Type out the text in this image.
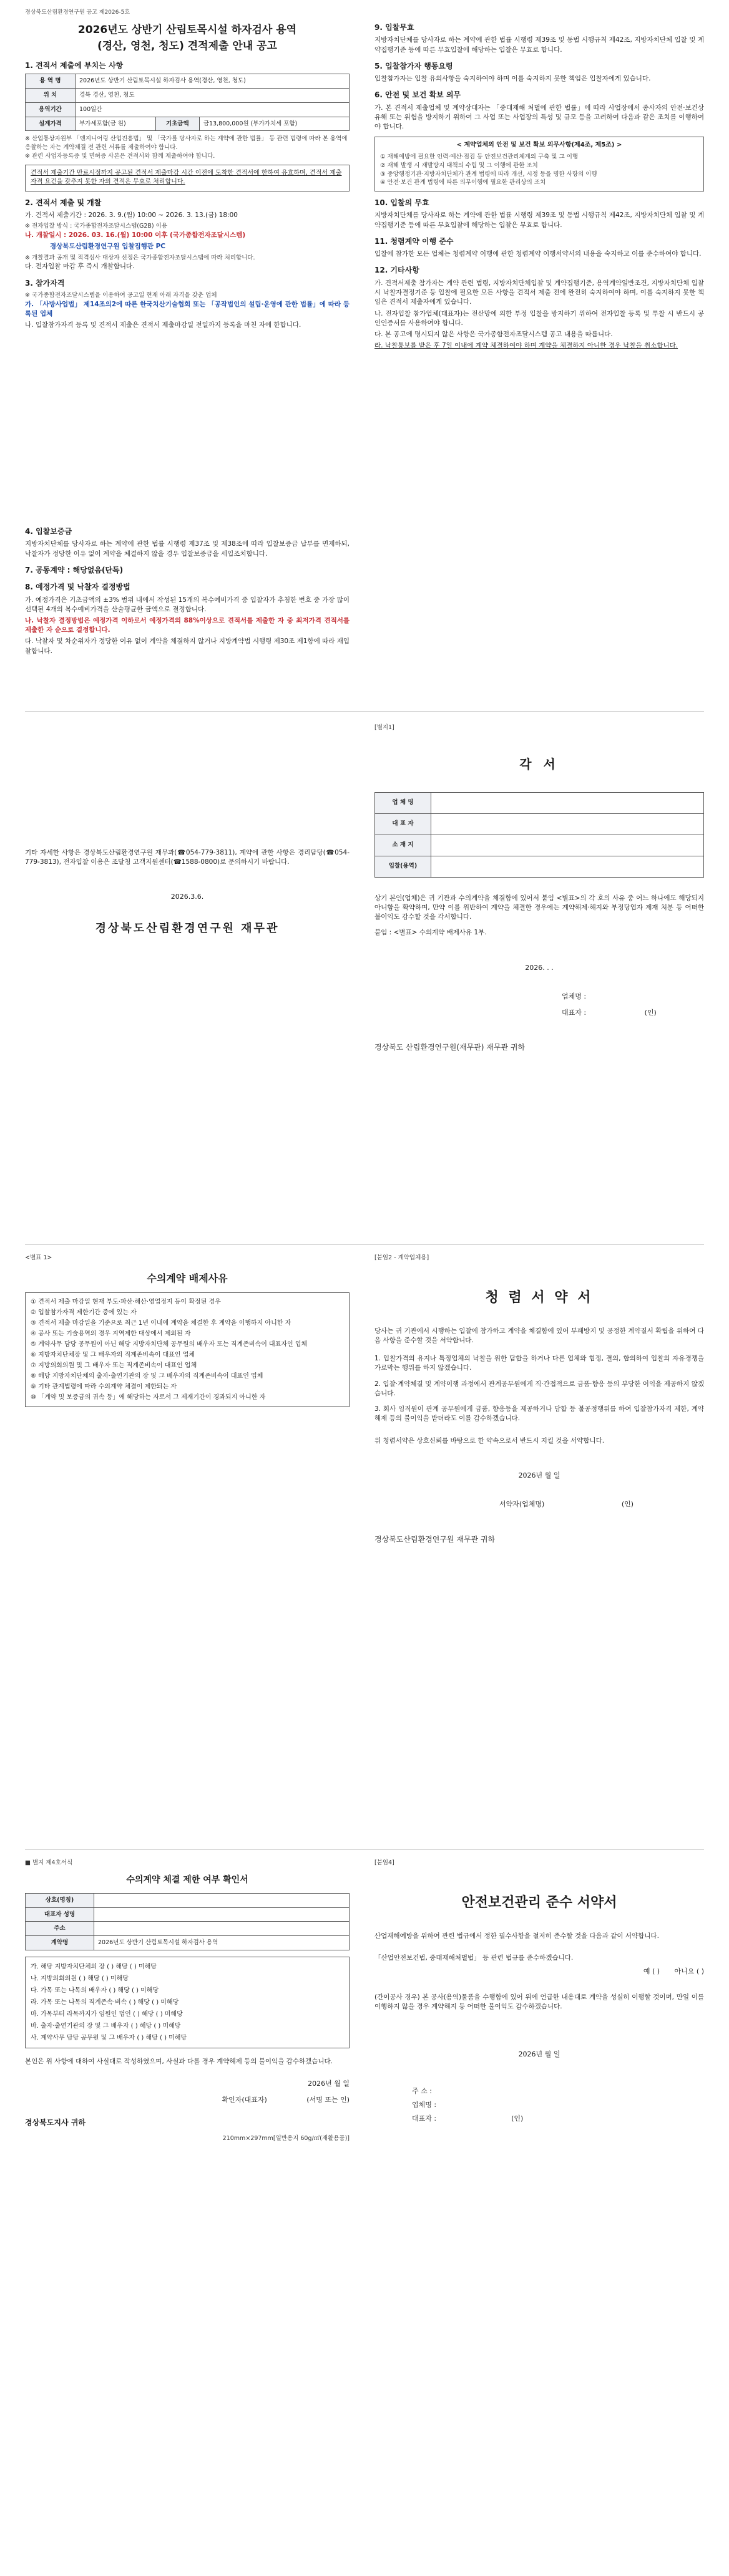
경상북도산림환경연구원 공고 제2026-5호
2026년도 상반기 산림토목시설 하자검사 용역
(경산, 영천, 청도) 견적제출 안내 공고
1. 견적서 제출에 부치는 사항
용 역 명	2026년도 상반기 산림토목시설 하자검사 용역(경산, 영천, 청도)		
위 치	경북 경산, 영천, 청도		
용역기간	100일간		
설계가격	부가세포함(금 원)	기초금액	금13,800,000원 (부가가치세 포함)
※ 산업통상자원부 「엔지니어링 산업진흥법」 및 「국가를 당사자로 하는 계약에 관한 법률」 등 관련 법령에 따라 본 용역에 응찰하는 자는 계약체결 전 관련 서류를 제출하여야 합니다.
※ 관련 사업자등록증 및 면허증 사본은 견적서와 함께 제출하여야 합니다.
견적서 제출기간 만료시점까지 공고된 견적서 제출마감 시간 이전에 도착한 견적서에 한하여 유효하며, 견적서 제출자격 요건을 갖추지 못한 자의 견적은 무효로 처리합니다.
2. 견적서 제출 및 개찰
가. 견적서 제출기간 : 2026. 3. 9.(월) 10:00 ~ 2026. 3. 13.(금) 18:00
※ 전자입찰 방식 : 국가종합전자조달시스템(G2B) 이용
나. 개찰일시 : 2026. 03. 16.(월) 10:00 이후 (국가종합전자조달시스템)
경상북도산림환경연구원 입찰집행관 PC
※ 개찰결과 공개 및 적격심사 대상자 선정은 국가종합전자조달시스템에 따라 처리합니다.
다. 전자입찰 마감 후 즉시 개찰합니다.
3. 참가자격
※ 국가종합전자조달시스템을 이용하여 공고일 현재 아래 자격을 갖춘 업체
가. 「사방사업법」 제14조의2에 따른 한국치산기술협회 또는 「공작법인의 설립·운영에 관한 법률」에 따라 등록된 업체
나. 입찰참가자격 등록 및 견적서 제출은 견적서 제출마감일 전일까지 등록을 마친 자에 한합니다.
9. 입찰무효
지방자치단체를 당사자로 하는 계약에 관한 법률 시행령 제39조 및 동법 시행규칙 제42조, 지방자치단체 입찰 및 계약집행기준 등에 따른 무효입찰에 해당하는 입찰은 무효로 합니다.
5. 입찰참가자 행동요령
입찰참가자는 입찰 유의사항을 숙지하여야 하며 이를 숙지하지 못한 책임은 입찰자에게 있습니다.
6. 안전 및 보건 확보 의무
가. 본 견적서 제출업체 및 계약상대자는 「중대재해 처벌에 관한 법률」에 따라 사업장에서 종사자의 안전·보건상 유해 또는 위험을 방지하기 위하여 그 사업 또는 사업장의 특성 및 규모 등을 고려하여 다음과 같은 조치를 이행하여야 합니다.
< 계약업체의 안전 및 보건 확보 의무사항(제4조, 제5조) >
① 재해예방에 필요한 인력·예산·점검 등 안전보건관리체계의 구축 및 그 이행
② 재해 발생 시 재발방지 대책의 수립 및 그 이행에 관한 조치
③ 중앙행정기관·지방자치단체가 관계 법령에 따라 개선, 시정 등을 명한 사항의 이행
④ 안전·보건 관계 법령에 따른 의무이행에 필요한 관리상의 조치
10. 입찰의 무효
지방자치단체를 당사자로 하는 계약에 관한 법률 시행령 제39조 및 동법 시행규칙 제42조, 지방자치단체 입찰 및 계약집행기준 등에 따른 무효입찰에 해당하는 입찰은 무효로 합니다.
11. 청렴계약 이행 준수
입찰에 참가한 모든 업체는 청렴계약 이행에 관한 청렴계약 이행서약서의 내용을 숙지하고 이를 준수하여야 합니다.
12. 기타사항
가. 견적서제출 참가자는 계약 관련 법령, 지방자치단체입찰 및 계약집행기준, 용역계약일반조건, 지방자치단체 입찰 시 낙찰자결정기준 등 입찰에 필요한 모든 사항을 견적서 제출 전에 완전히 숙지하여야 하며, 이를 숙지하지 못한 책임은 견적서 제출자에게 있습니다.
나. 전자입찰 참가업체(대표자)는 전산망에 의한 부정 입찰을 방지하기 위하여 전자입찰 등록 및 투찰 시 반드시 공인인증서를 사용하여야 합니다.
다. 본 공고에 명시되지 않은 사항은 국가종합전자조달시스템 공고 내용을 따릅니다.
라. 낙찰통보를 받은 후 7일 이내에 계약 체결하여야 하며 계약을 체결하지 아니한 경우 낙찰을 취소합니다.
4. 입찰보증금
지방자치단체를 당사자로 하는 계약에 관한 법률 시행령 제37조 및 제38조에 따라 입찰보증금 납부를 면제하되, 낙찰자가 정당한 이유 없이 계약을 체결하지 않을 경우 입찰보증금을 세입조치합니다.
7. 공동계약 : 해당없음(단독)
8. 예정가격 및 낙찰자 결정방법
가. 예정가격은 기초금액의 ±3% 범위 내에서 작성된 15개의 복수예비가격 중 입찰자가 추첨한 번호 중 가장 많이 선택된 4개의 복수예비가격을 산술평균한 금액으로 결정합니다.
나. 낙찰자 결정방법은 예정가격 이하로서 예정가격의 88%이상으로 견적서를 제출한 자 중 최저가격 견적서를 제출한 자 순으로 결정합니다.
다. 낙찰자 및 차순위자가 정당한 이유 없이 계약을 체결하지 않거나 지방계약법 시행령 제30조 제1항에 따라 재입찰합니다.
기타 자세한 사항은 경상북도산림환경연구원 재무과(☎054-779-3811), 계약에 관한 사항은 경리담당(☎054-779-3813), 전자입찰 이용은 조달청 고객지원센터(☎1588-0800)로 문의하시기 바랍니다.
2026.3.6.
경상북도산림환경연구원 재무관
[별지1]
각 서
업 체 명	
대 표 자	
소 재 지	
입찰(용역)	
상기 본인(업체)은 귀 기관과 수의계약을 체결함에 있어서 붙임 <별표>의 각 호의 사유 중 어느 하나에도 해당되지 아니함을 확약하며, 만약 이를 위반하여 계약을 체결한 경우에는 계약해제·해지와 부정당업자 제재 처분 등 어떠한 불이익도 감수할 것을 각서합니다.
붙임 : <별표> 수의계약 배제사유 1부.
2026. . .
업체명 :
대표자 :	(인)
경상북도 산림환경연구원(재무관) 재무관 귀하
<별표 1>
수의계약 배제사유
① 견적서 제출 마감일 현재 부도·파산·해산·영업정지 등이 확정된 경우
② 입찰참가자격 제한기간 중에 있는 자
③ 견적서 제출 마감일을 기준으로 최근 1년 이내에 계약을 체결한 후 계약을 이행하지 아니한 자
④ 공사 또는 기술용역의 경우 지역제한 대상에서 제외된 자
⑤ 계약사무 담당 공무원이 아닌 해당 지방자치단체 공무원의 배우자 또는 직계존비속이 대표자인 업체
⑥ 지방자치단체장 및 그 배우자의 직계존비속이 대표인 업체
⑦ 지방의회의원 및 그 배우자 또는 직계존비속이 대표인 업체
⑧ 해당 지방자치단체의 출자·출연기관의 장 및 그 배우자의 직계존비속이 대표인 업체
⑨ 기타 관계법령에 따라 수의계약 체결이 제한되는 자
⑩ 「계약 및 보증금의 귀속 등」에 해당하는 자로서 그 제재기간이 경과되지 아니한 자
[붙임2 - 계약업체용]
청 렴 서 약 서
당사는 귀 기관에서 시행하는 입찰에 참가하고 계약을 체결함에 있어 부패방지 및 공정한 계약질서 확립을 위하여 다음 사항을 준수할 것을 서약합니다.
1. 입찰가격의 유지나 특정업체의 낙찰을 위한 담합을 하거나 다른 업체와 협정, 결의, 합의하여 입찰의 자유경쟁을 가로막는 행위를 하지 않겠습니다.
2. 입찰·계약체결 및 계약이행 과정에서 관계공무원에게 직·간접적으로 금품·향응 등의 부당한 이익을 제공하지 않겠습니다.
3. 회사 임직원이 관계 공무원에게 금품, 향응등을 제공하거나 담합 등 불공정행위를 하여 입찰참가자격 제한, 계약해제 등의 불이익을 받더라도 이를 감수하겠습니다.
위 청렴서약은 상호신뢰를 바탕으로 한 약속으로서 반드시 지킬 것을 서약합니다.
2026년 월 일
서약자(업체명)	(인)
경상북도산림환경연구원 재무관 귀하
■ 별지 제4호서식
수의계약 체결 제한 여부 확인서
상호(명칭)	
대표자 성명	
주소	
계약명	2026년도 상반기 산림토목시설 하자검사 용역
가. 해당 지방자치단체의 장 ( ) 해당 ( ) 미해당
나. 지방의회의원 ( ) 해당 ( ) 미해당
다. 가목 또는 나목의 배우자 ( ) 해당 ( ) 미해당
라. 가목 또는 나목의 직계존속·비속 ( ) 해당 ( ) 미해당
마. 가목부터 라목까지가 임원인 법인 ( ) 해당 ( ) 미해당
바. 출자·출연기관의 장 및 그 배우자 ( ) 해당 ( ) 미해당
사. 계약사무 담당 공무원 및 그 배우자 ( ) 해당 ( ) 미해당
본인은 위 사항에 대하여 사실대로 작성하였으며, 사실과 다를 경우 계약해제 등의 불이익을 감수하겠습니다.
2026년 월 일
확인자(대표자)	(서명 또는 인)
경상북도지사 귀하
210mm×297mm[일반용지 60g/㎡(재활용품)]
[붙임4]
안전보건관리 준수 서약서
산업재해예방을 위하여 관련 법규에서 정한 필수사항을 철저히 준수할 것을 다음과 같이 서약합니다.
「산업안전보건법, 중대재해처벌법」 등 관련 법규를 준수하겠습니다.
예 ( ) 아니요 ( )
(간이공사 경우) 본 공사(용역)물품을 수행함에 있어 위에 언급한 내용대로 계약을 성실히 이행할 것이며, 만일 이를 이행하지 않을 경우 계약해지 등 어떠한 불이익도 감수하겠습니다.
2026년 월 일
주 소 :
업체명 :
대표자 :	(인)
